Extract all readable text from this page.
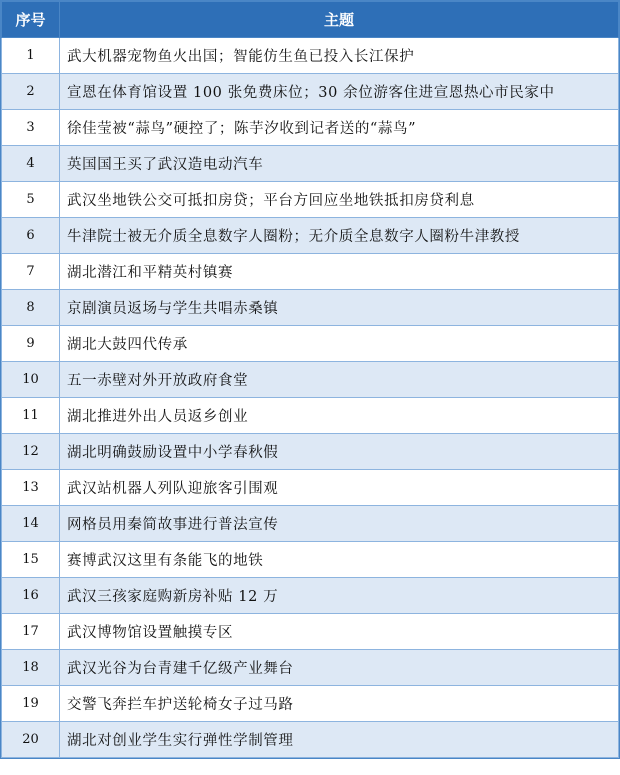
序号	主题
1	武大机器宠物鱼火出国；智能仿生鱼已投入长江保护
2	宣恩在体育馆设置 100 张免费床位；30 余位游客住进宣恩热心市民家中
3	徐佳莹被“蒜鸟”硬控了；陈芋汐收到记者送的“蒜鸟”
4	英国国王买了武汉造电动汽车
5	武汉坐地铁公交可抵扣房贷；平台方回应坐地铁抵扣房贷利息
6	牛津院士被无介质全息数字人圈粉；无介质全息数字人圈粉牛津教授
7	湖北潜江和平精英村镇赛
8	京剧演员返场与学生共唱赤桑镇
9	湖北大鼓四代传承
10	五一赤壁对外开放政府食堂
11	湖北推进外出人员返乡创业
12	湖北明确鼓励设置中小学春秋假
13	武汉站机器人列队迎旅客引围观
14	网格员用秦简故事进行普法宣传
15	赛博武汉这里有条能飞的地铁
16	武汉三孩家庭购新房补贴 12 万
17	武汉博物馆设置触摸专区
18	武汉光谷为台青建千亿级产业舞台
19	交警飞奔拦车护送轮椅女子过马路
20	湖北对创业学生实行弹性学制管理
